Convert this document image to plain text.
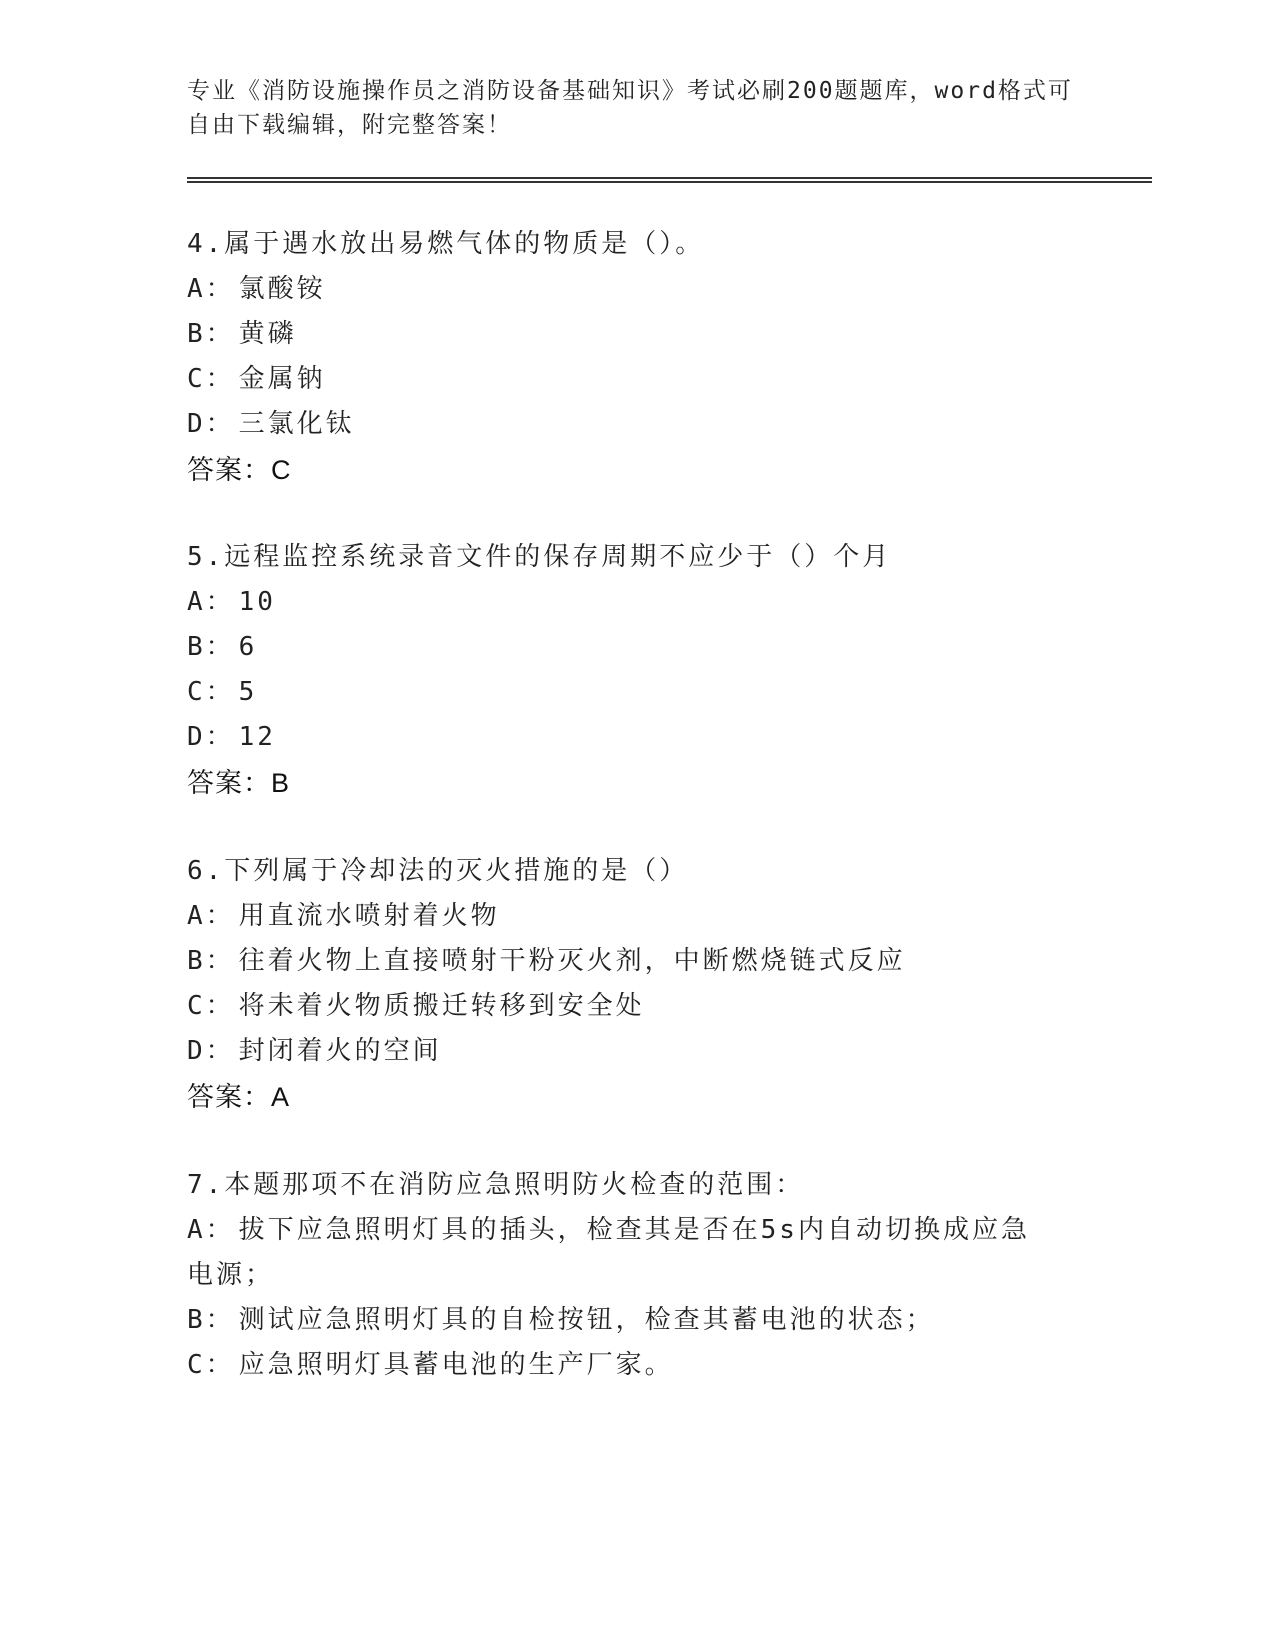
专业《消防设施操作员之消防设备基础知识》考试必刷200题题库，word格式可
自由下载编辑，附完整答案！
4.属于遇水放出易燃气体的物质是（）。
A： 氯酸铵
B： 黄磷
C： 金属钠
D： 三氯化钛
答案：C
5.远程监控系统录音文件的保存周期不应少于（）个月
A： 10
B： 6
C： 5
D： 12
答案：B
6.下列属于冷却法的灭火措施的是（）
A： 用直流水喷射着火物
B： 往着火物上直接喷射干粉灭火剂，中断燃烧链式反应
C： 将未着火物质搬迁转移到安全处
D： 封闭着火的空间
答案：A
7.本题那项不在消防应急照明防火检查的范围：
A： 拔下应急照明灯具的插头，检查其是否在5s内自动切换成应急电源；
B： 测试应急照明灯具的自检按钮，检查其蓄电池的状态；
C： 应急照明灯具蓄电池的生产厂家。
